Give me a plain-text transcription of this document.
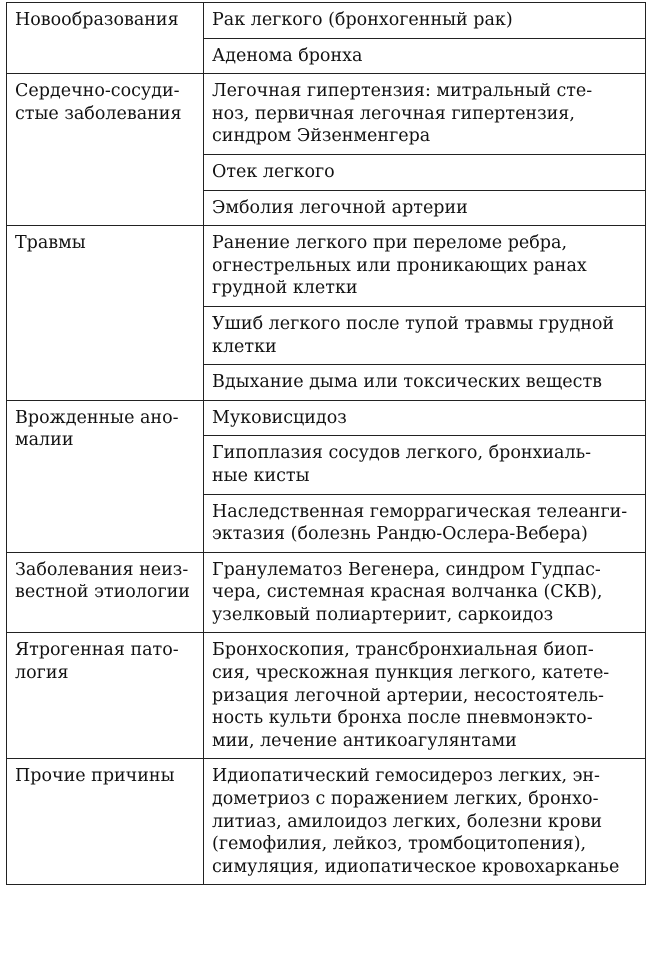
Новообразования	Рак легкого (бронхогенный рак)
	Аденома бронха
Сердечно-сосуди-
стые заболевания	Легочная гипертензия: митральный сте-
ноз, первичная легочная гипертензия,
синдром Эйзенменгера
	Отек легкого
	Эмболия легочной артерии
Травмы	Ранение легкого при переломе ребра,
огнестрельных или проникающих ранах
грудной клетки
	Ушиб легкого после тупой травмы грудной
клетки
	Вдыхание дыма или токсических веществ
Врожденные ано-
малии	Муковисцидоз
	Гипоплазия сосудов легкого, бронхиаль-
ные кисты
	Наследственная геморрагическая телеанги-
эктазия (болезнь Рандю-Ослера-Вебера)
Заболевания неиз-
вестной этиологии	Гранулематоз Вегенера, синдром Гудпас-
чера, системная красная волчанка (СКВ),
узелковый полиартериит, саркоидоз
Ятрогенная пато-
логия	Бронхоскопия, трансбронхиальная биоп-
сия, чрескожная пункция легкого, катете-
ризация легочной артерии, несостоятель-
ность культи бронха после пневмонэкто-
мии, лечение антикоагулянтами
Прочие причины	Идиопатический гемосидероз легких, эн-
дометриоз с поражением легких, бронхо-
литиаз, амилоидоз легких, болезни крови
(гемофилия, лейкоз, тромбоцитопения),
симуляция, идиопатическое кровохарканье
